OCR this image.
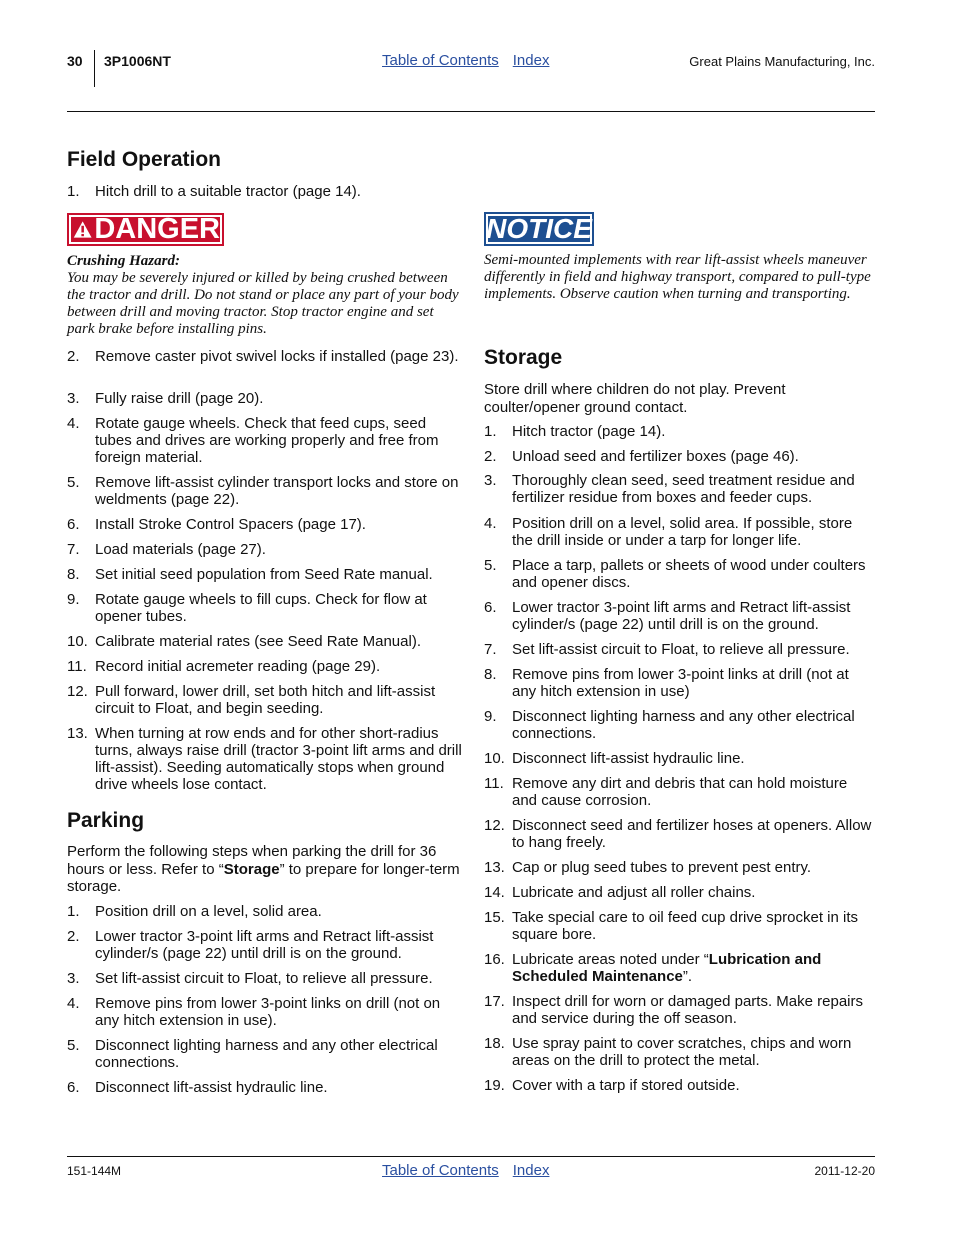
30 3P1006NT	Table of Contents Index	Great Plains Manufacturing, Inc.
Field Operation
1.	Hitch drill to a suitable tractor (page 14).
DANGER
Crushing Hazard:
You may be severely injured or killed by being crushed between the tractor and drill. Do not stand or place any part of your body between drill and moving tractor. Stop tractor engine and set park brake before installing pins.
2.	Remove caster pivot swivel locks if installed (page 23).
3.	Fully raise drill (page 20).
4.	Rotate gauge wheels. Check that feed cups, seed tubes and drives are working properly and free from foreign material.
5.	Remove lift-assist cylinder transport locks and store on weldments (page 22).
6.	Install Stroke Control Spacers (page 17).
7.	Load materials (page 27).
8.	Set initial seed population from Seed Rate manual.
9.	Rotate gauge wheels to fill cups. Check for flow at opener tubes.
10. Calibrate material rates (see Seed Rate Manual).
11. Record initial acremeter reading (page 29).
12. Pull forward, lower drill, set both hitch and lift-assist circuit to Float, and begin seeding.
13. When turning at row ends and for other short-radius turns, always raise drill (tractor 3-point lift arms and drill lift-assist). Seeding automatically stops when ground drive wheels lose contact.
Parking
Perform the following steps when parking the drill for 36 hours or less. Refer to “Storage” to prepare for longer-term storage.
1.	Position drill on a level, solid area.
2.	Lower tractor 3-point lift arms and Retract lift-assist cylinder/s (page 22) until drill is on the ground.
3.	Set lift-assist circuit to Float, to relieve all pressure.
4.	Remove pins from lower 3-point links on drill (not on any hitch extension in use).
5.	Disconnect lighting harness and any other electrical connections.
6.	Disconnect lift-assist hydraulic line.
NOTICE
Semi-mounted implements with rear lift-assist wheels maneuver differently in field and highway transport, compared to pull-type implements. Observe caution when turning and transporting.
Storage
Store drill where children do not play. Prevent coulter/opener ground contact.
1.	Hitch tractor (page 14).
2.	Unload seed and fertilizer boxes (page 46).
3.	Thoroughly clean seed, seed treatment residue and fertilizer residue from boxes and feeder cups.
4.	Position drill on a level, solid area. If possible, store the drill inside or under a tarp for longer life.
5.	Place a tarp, pallets or sheets of wood under coulters and opener discs.
6.	Lower tractor 3-point lift arms and Retract lift-assist cylinder/s (page 22) until drill is on the ground.
7.	Set lift-assist circuit to Float, to relieve all pressure.
8.	Remove pins from lower 3-point links at drill (not at any hitch extension in use)
9.	Disconnect lighting harness and any other electrical connections.
10. Disconnect lift-assist hydraulic line.
11. Remove any dirt and debris that can hold moisture and cause corrosion.
12. Disconnect seed and fertilizer hoses at openers. Allow to hang freely.
13. Cap or plug seed tubes to prevent pest entry.
14. Lubricate and adjust all roller chains.
15. Take special care to oil feed cup drive sprocket in its square bore.
16. Lubricate areas noted under “Lubrication and Scheduled Maintenance”.
17. Inspect drill for worn or damaged parts. Make repairs and service during the off season.
18. Use spray paint to cover scratches, chips and worn areas on the drill to protect the metal.
19. Cover with a tarp if stored outside.
151-144M	Table of Contents Index	2011-12-20
